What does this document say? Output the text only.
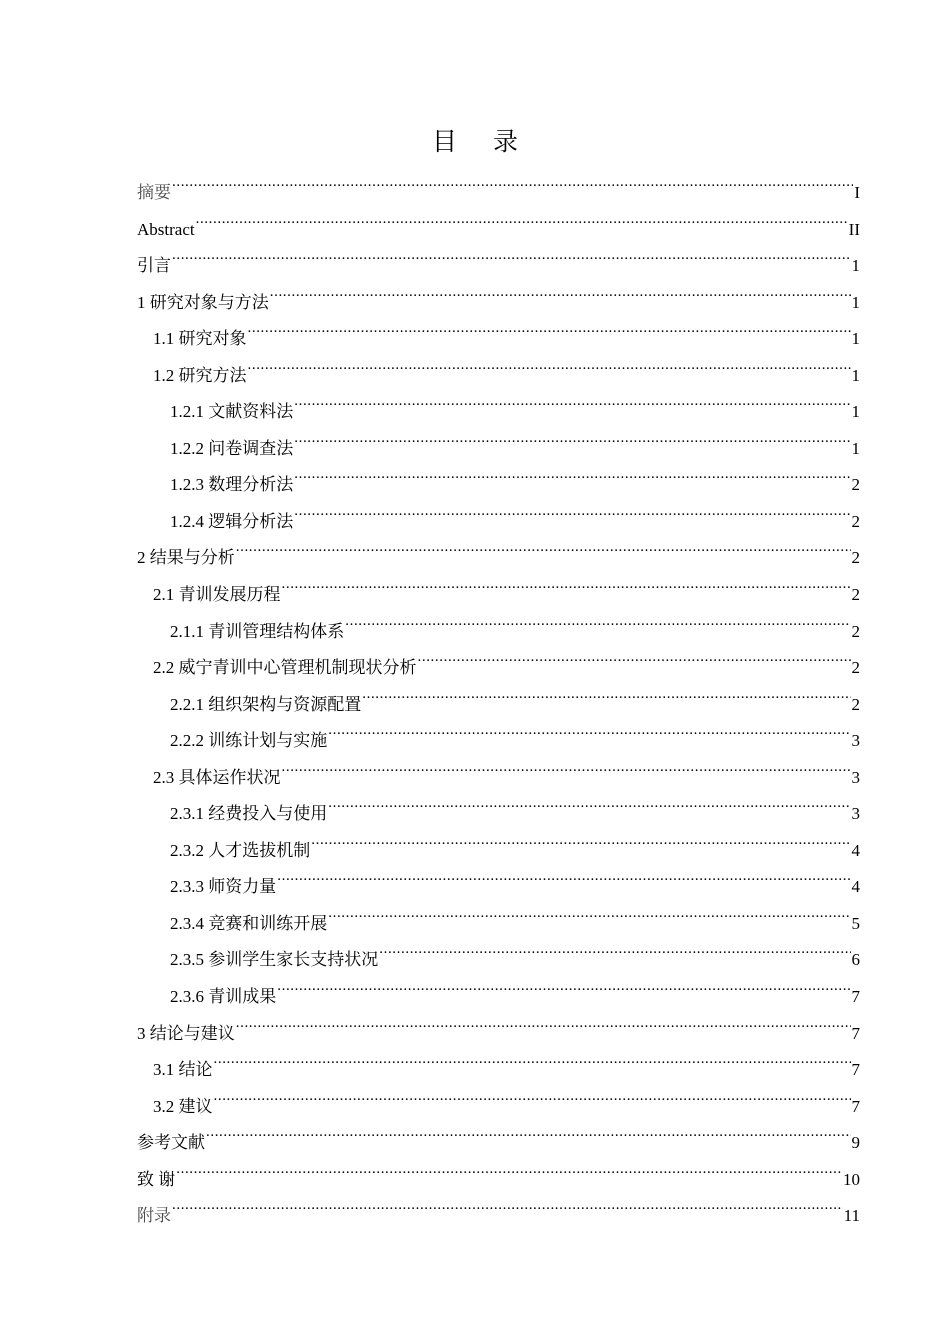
目 录
摘要 .....	I
Abstract .....	II
引言 .....	1
1 研究对象与方法 .....	1
1.1 研究对象 .....	1
1.2 研究方法 .....	1
1.2.1 文献资料法 .....	1
1.2.2 问卷调查法 .....	1
1.2.3 数理分析法 .....	2
1.2.4 逻辑分析法 .....	2
2 结果与分析 .....	2
2.1 青训发展历程 .....	2
2.1.1 青训管理结构体系 .....	2
2.2 威宁青训中心管理机制现状分析 .....	2
2.2.1 组织架构与资源配置 .....	2
2.2.2 训练计划与实施 .....	3
2.3 具体运作状况 .....	3
2.3.1 经费投入与使用 .....	3
2.3.2 人才选拔机制 .....	4
2.3.3 师资力量 .....	4
2.3.4 竞赛和训练开展 .....	5
2.3.5 参训学生家长支持状况 .....	6
2.3.6 青训成果 .....	7
3 结论与建议 .....	7
3.1 结论 .....	7
3.2 建议 .....	7
参考文献 .....	9
致 谢 .....	10
附录 .....	11
